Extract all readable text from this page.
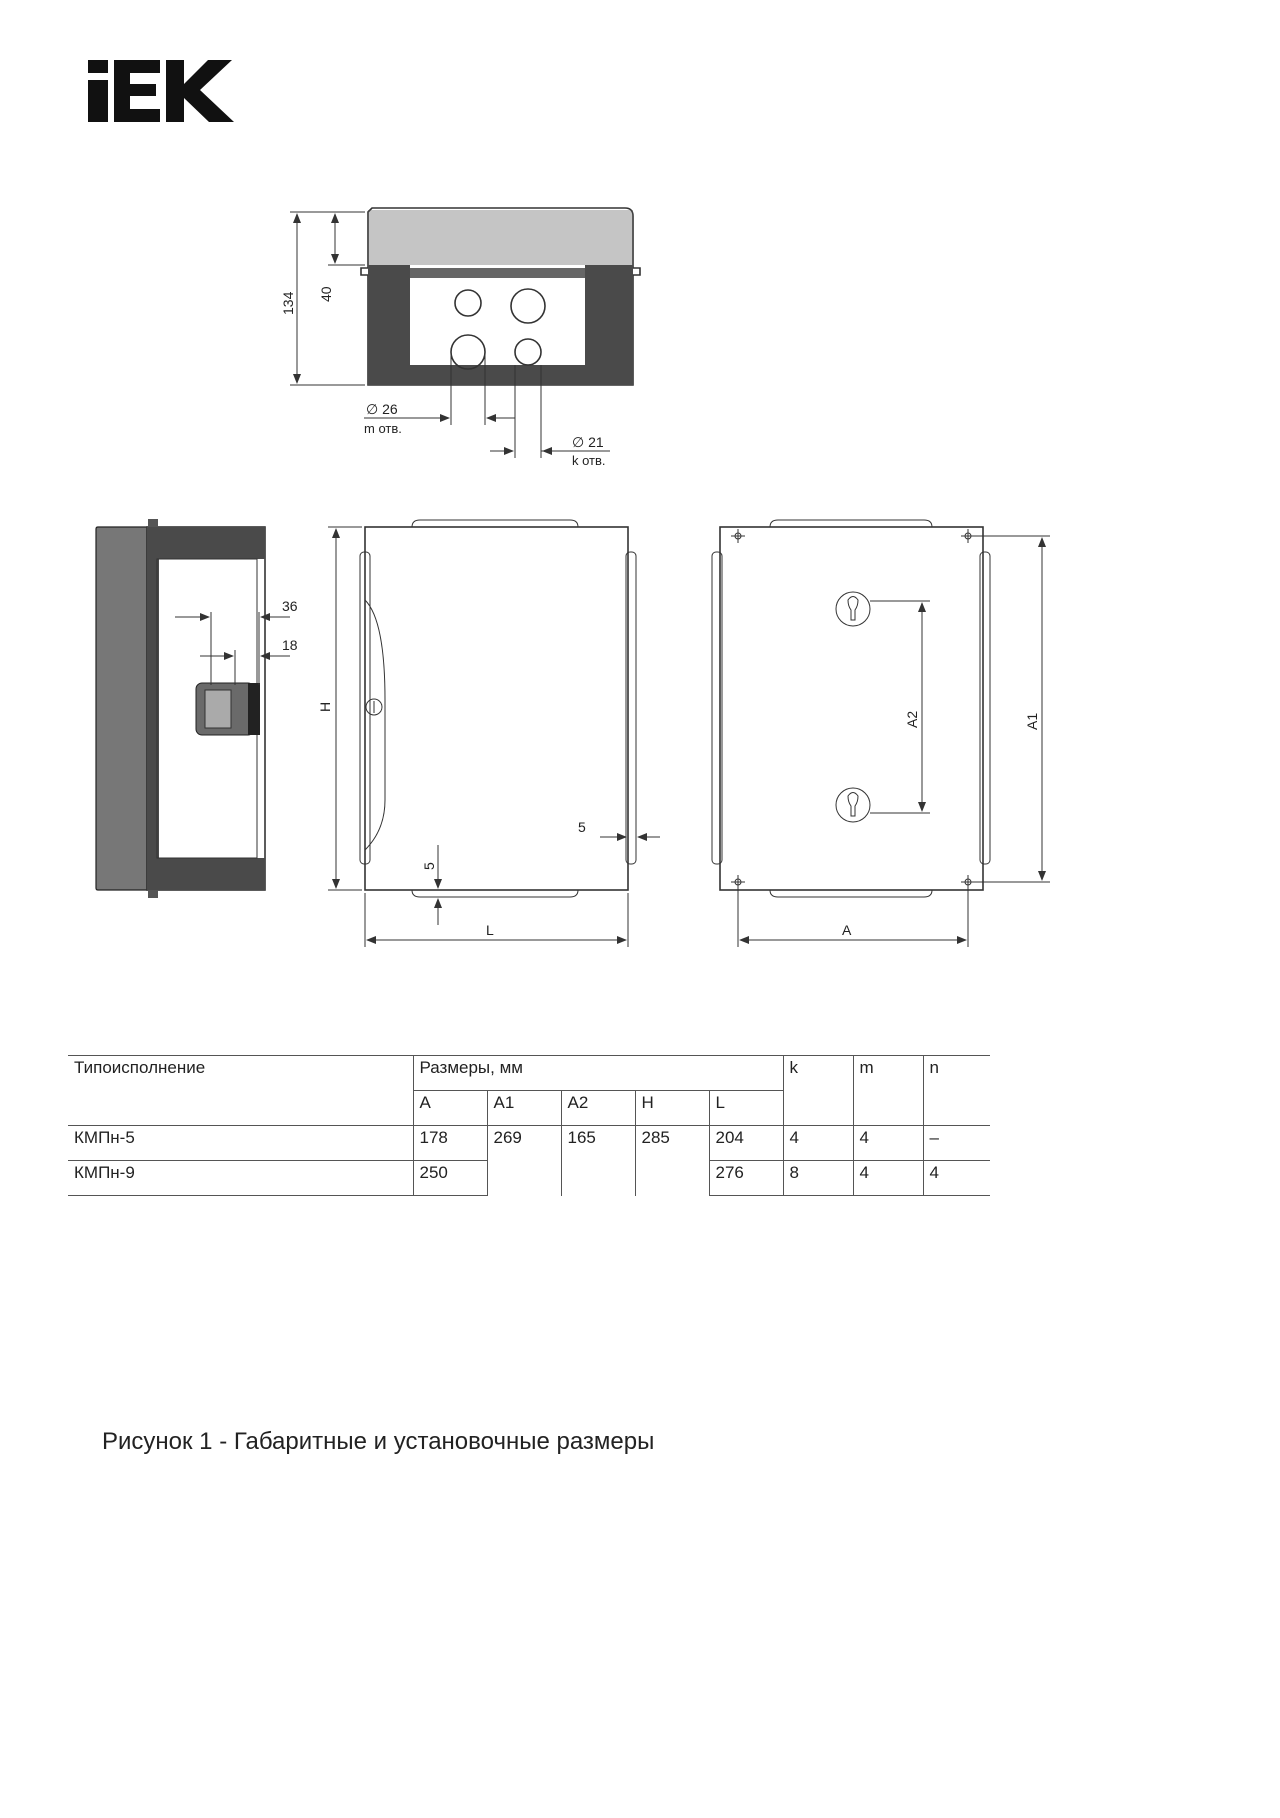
134 40
∅ 26
m отв.
∅ 21
k отв.
36
18
H
5
5
L
A2	A1
A
Типоисполнение	Размеры, мм					k	m	n
	A	A1	A2	H	L			
КМПн-5	178	269	165	285	204	4	4	–
КМПн-9	250				276	8	4	4
Рисунок 1 - Габаритные и установочные размеры
